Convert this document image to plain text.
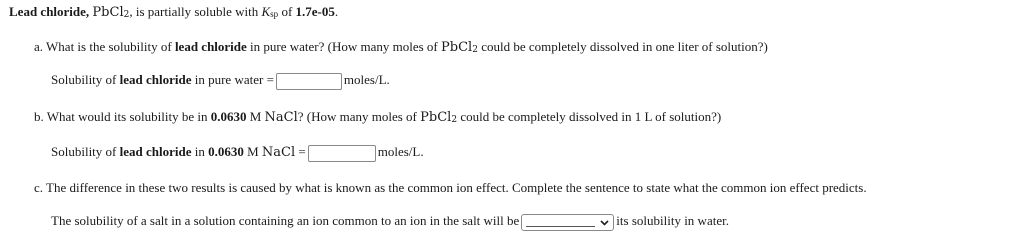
Lead chloride, PbCl$_2$, is partially soluble with $K_{sp}$ of 1.7e-05.
a. What is the solubility of lead chloride in pure water? (How many moles of PbCl$_2$ could be completely dissolved in one liter of solution?)
Solubility of lead chloride in pure water =	moles/L.
b. What would its solubility be in 0.0630 M NaCl? (How many moles of PbCl$_2$ could be completely dissolved in 1 L of solution?)
Solubility of lead chloride in 0.0630 M NaCl =	moles/L.
c. The difference in these two results is caused by what is known as the common ion effect. Complete the sentence to state what the common ion effect predicts.
The solubility of a salt in a solution containing an ion common to an ion in the salt will be	its solubility in water.
